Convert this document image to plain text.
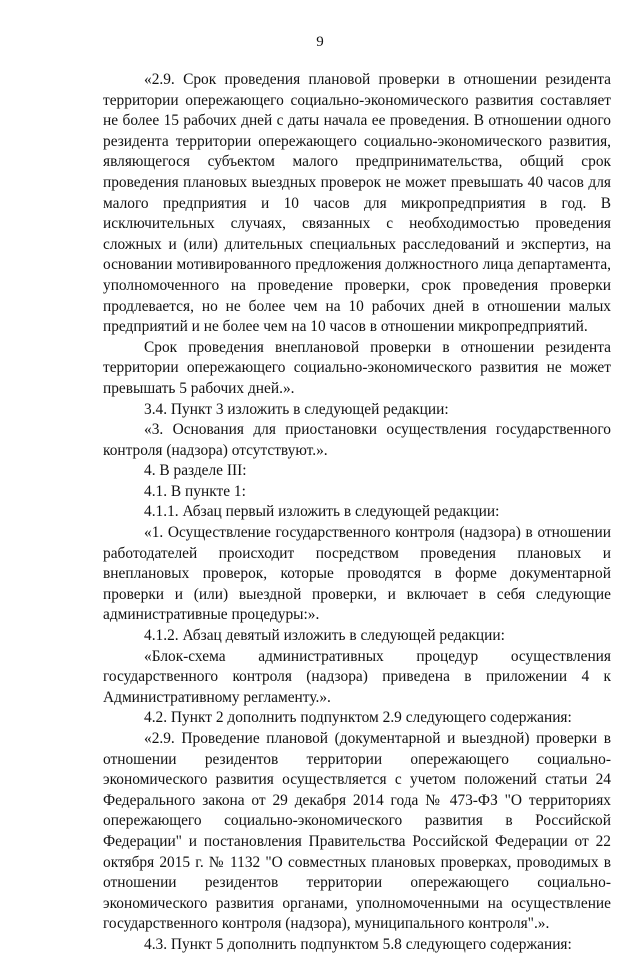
9

«2.9. Срок проведения плановой проверки в отношении резидента территории опережающего социально-экономического развития составляет не более 15 рабочих дней с даты начала ее проведения. В отношении одного резидента территории опережающего социально-экономического развития, являющегося субъектом малого предпринимательства, общий срок проведения плановых выездных проверок не может превышать 40 часов для малого предприятия и 10 часов для микропредприятия в год. В исключительных случаях, связанных с необходимостью проведения сложных и (или) длительных специальных расследований и экспертиз, на основании мотивированного предложения должностного лица департамента, уполномоченного на проведение проверки, срок проведения проверки продлевается, но не более чем на 10 рабочих дней в отношении малых предприятий и не более чем на 10 часов в отношении микропредприятий.

Срок проведения внеплановой проверки в отношении резидента территории опережающего социально-экономического развития не может превышать 5 рабочих дней.».

3.4. Пункт 3 изложить в следующей редакции:

«3. Основания для приостановки осуществления государственного контроля (надзора) отсутствуют.».

4. В разделе III:

4.1. В пункте 1:

4.1.1. Абзац первый изложить в следующей редакции:

«1. Осуществление государственного контроля (надзора) в отношении работодателей происходит посредством проведения плановых и внеплановых проверок, которые проводятся в форме документарной проверки и (или) выездной проверки, и включает в себя следующие административные процедуры:».

4.1.2. Абзац девятый изложить в следующей редакции:

«Блок-схема административных процедур осуществления государственного контроля (надзора) приведена в приложении 4 к Административному регламенту.».

4.2. Пункт 2 дополнить подпунктом 2.9 следующего содержания:

«2.9. Проведение плановой (документарной и выездной) проверки в отношении резидентов территории опережающего социально-экономического развития осуществляется с учетом положений статьи 24 Федерального закона от 29 декабря 2014 года № 473-ФЗ "О территориях опережающего социально-экономического развития в Российской Федерации" и постановления Правительства Российской Федерации от 22 октября 2015 г. № 1132 "О совместных плановых проверках, проводимых в отношении резидентов территории опережающего социально-экономического развития органами, уполномоченными на осуществление государственного контроля (надзора), муниципального контроля".».

4.3. Пункт 5 дополнить подпунктом 5.8 следующего содержания:
